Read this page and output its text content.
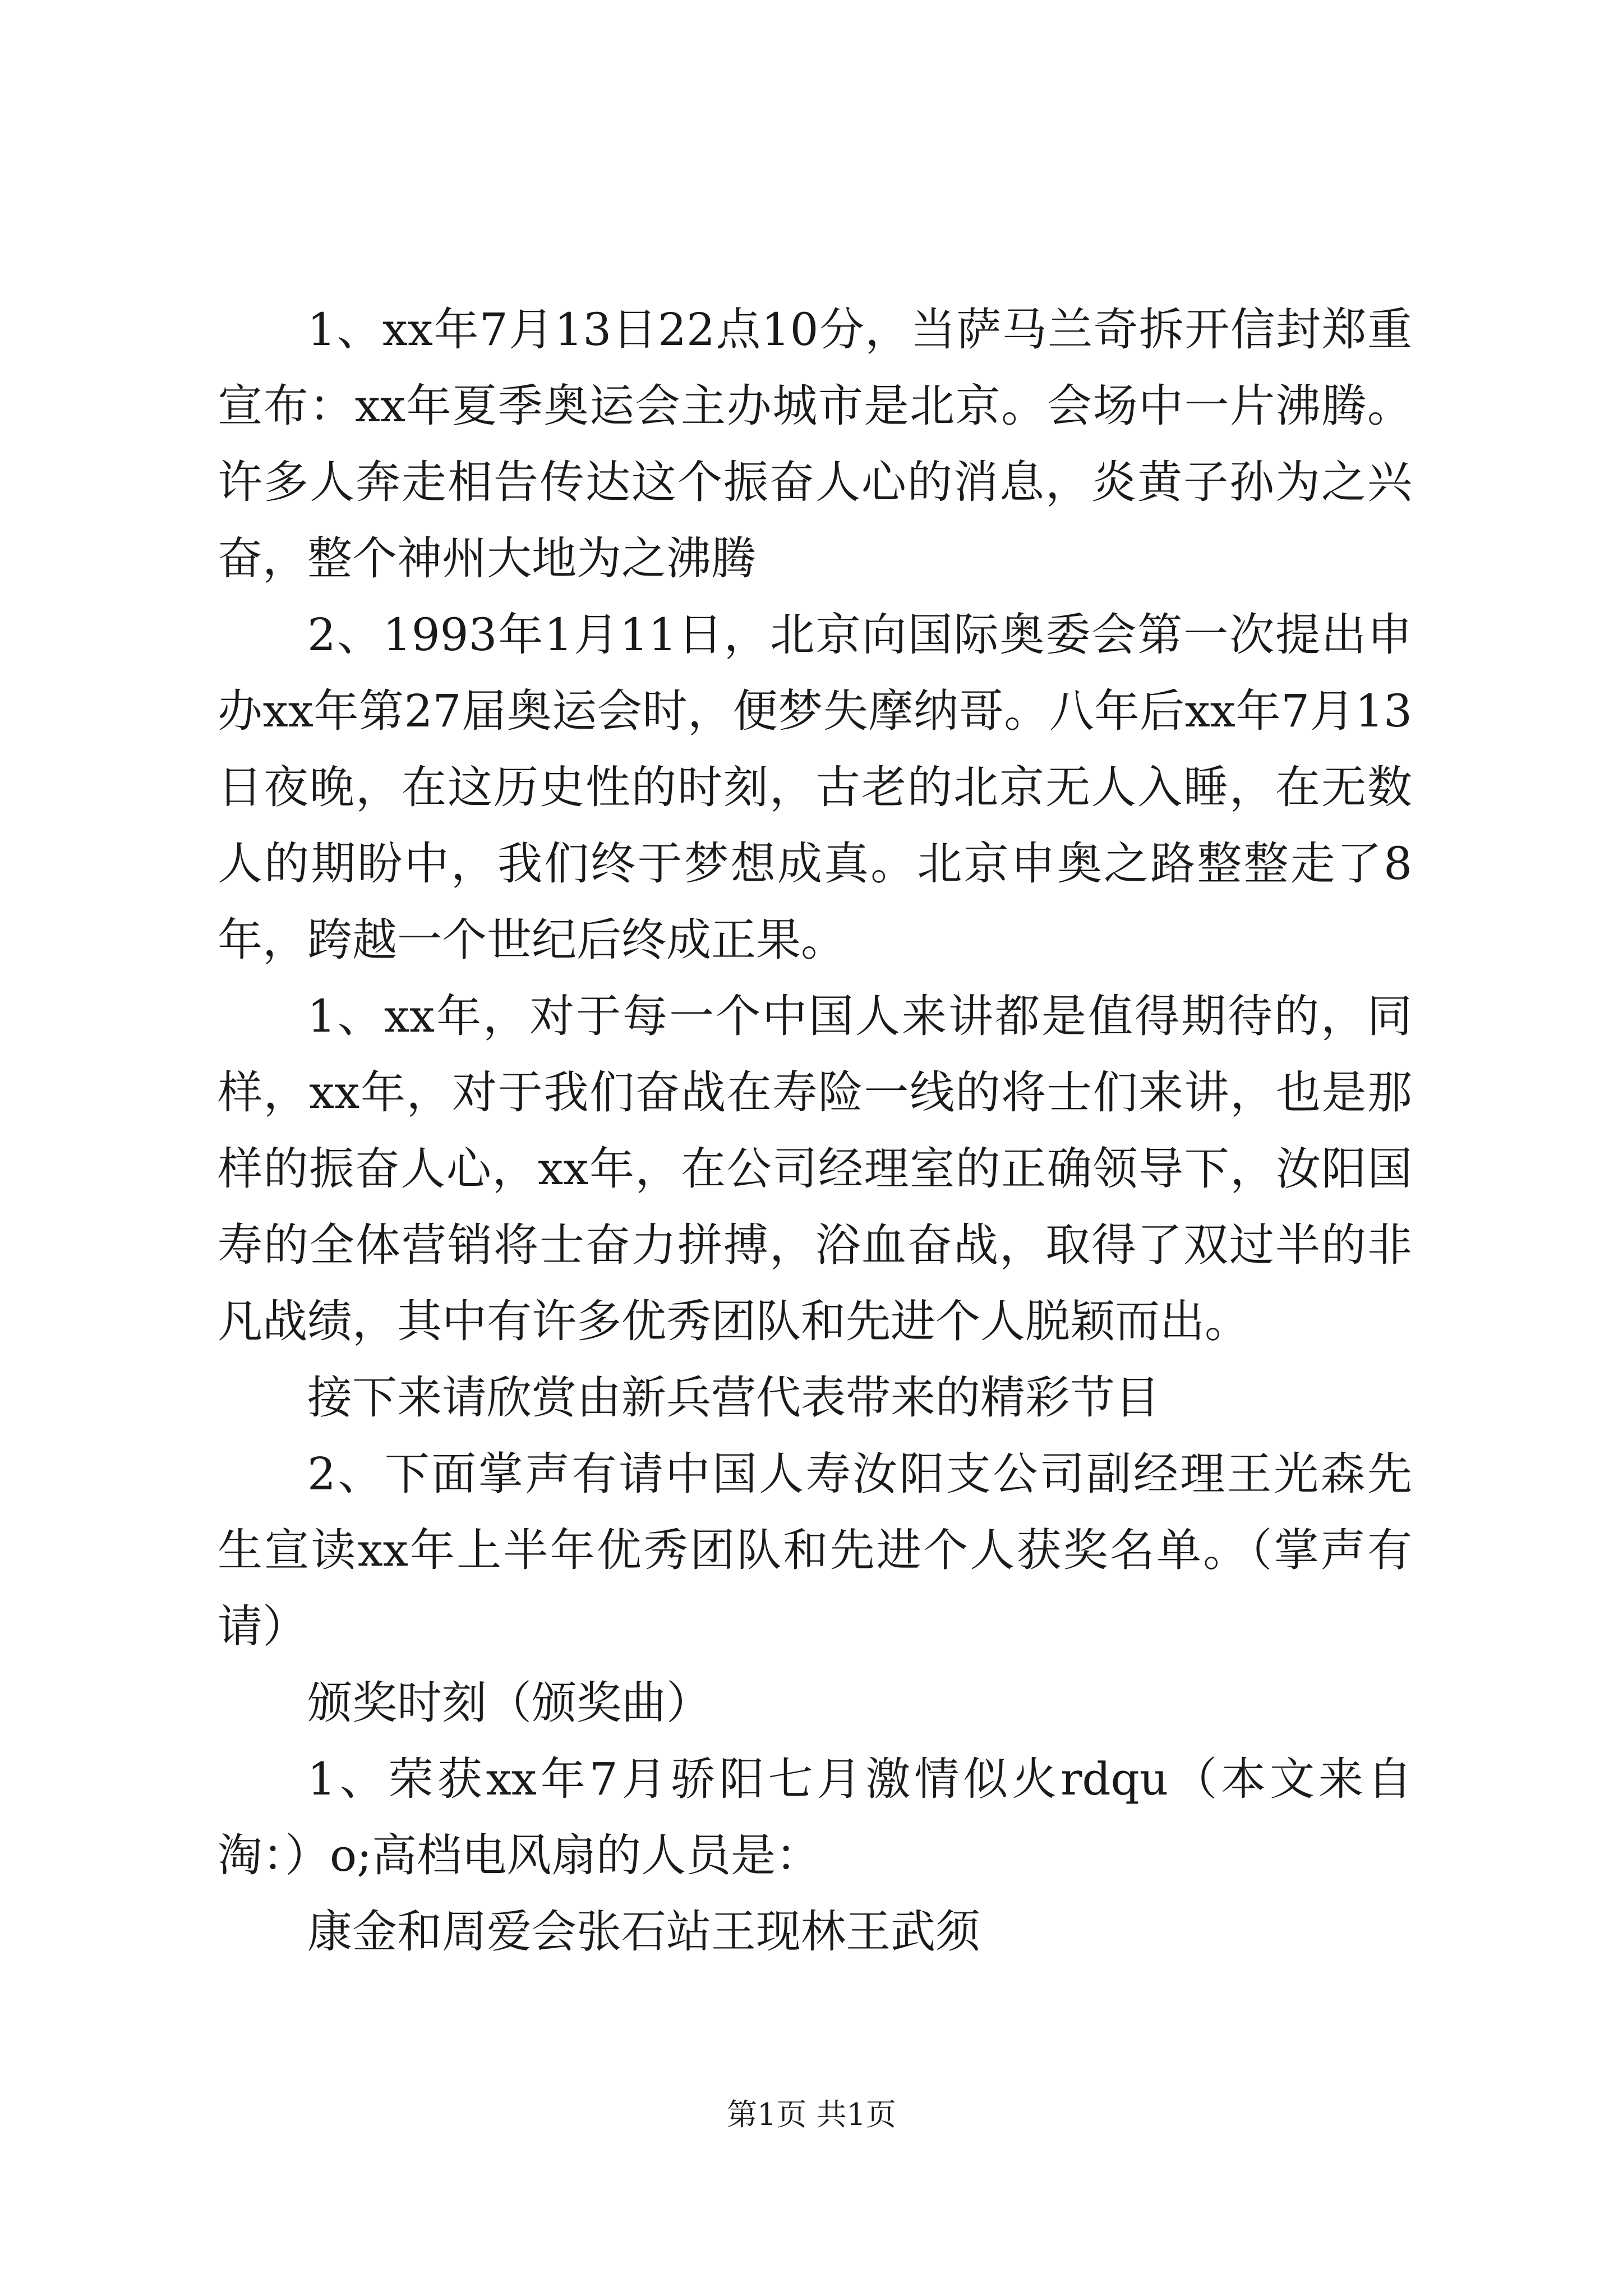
1、xx年7月13日22点10分，当萨马兰奇拆开信封郑重宣布：xx年夏季奥运会主办城市是北京。会场中一片沸腾。许多人奔走相告传达这个振奋人心的消息，炎黄子孙为之兴奋，整个神州大地为之沸腾

2、1993年1月11日，北京向国际奥委会第一次提出申办xx年第27届奥运会时，便梦失摩纳哥。八年后xx年7月13日夜晚，在这历史性的时刻，古老的北京无人入睡，在无数人的期盼中，我们终于梦想成真。北京申奥之路整整走了8年，跨越一个世纪后终成正果。

1、xx年，对于每一个中国人来讲都是值得期待的，同样，xx年，对于我们奋战在寿险一线的将士们来讲，也是那样的振奋人心，xx年，在公司经理室的正确领导下，汝阳国寿的全体营销将士奋力拼搏，浴血奋战，取得了双过半的非凡战绩，其中有许多优秀团队和先进个人脱颖而出。

接下来请欣赏由新兵营代表带来的精彩节目

2、下面掌声有请中国人寿汝阳支公司副经理王光森先生宣读xx年上半年优秀团队和先进个人获奖名单。（掌声有请）

颁奖时刻（颁奖曲）

1、荣获xx年7月骄阳七月激情似火rdqu（本文来自淘：）o;高档电风扇的人员是：

康金和周爱会张石站王现林王武须

第1页 共1页
